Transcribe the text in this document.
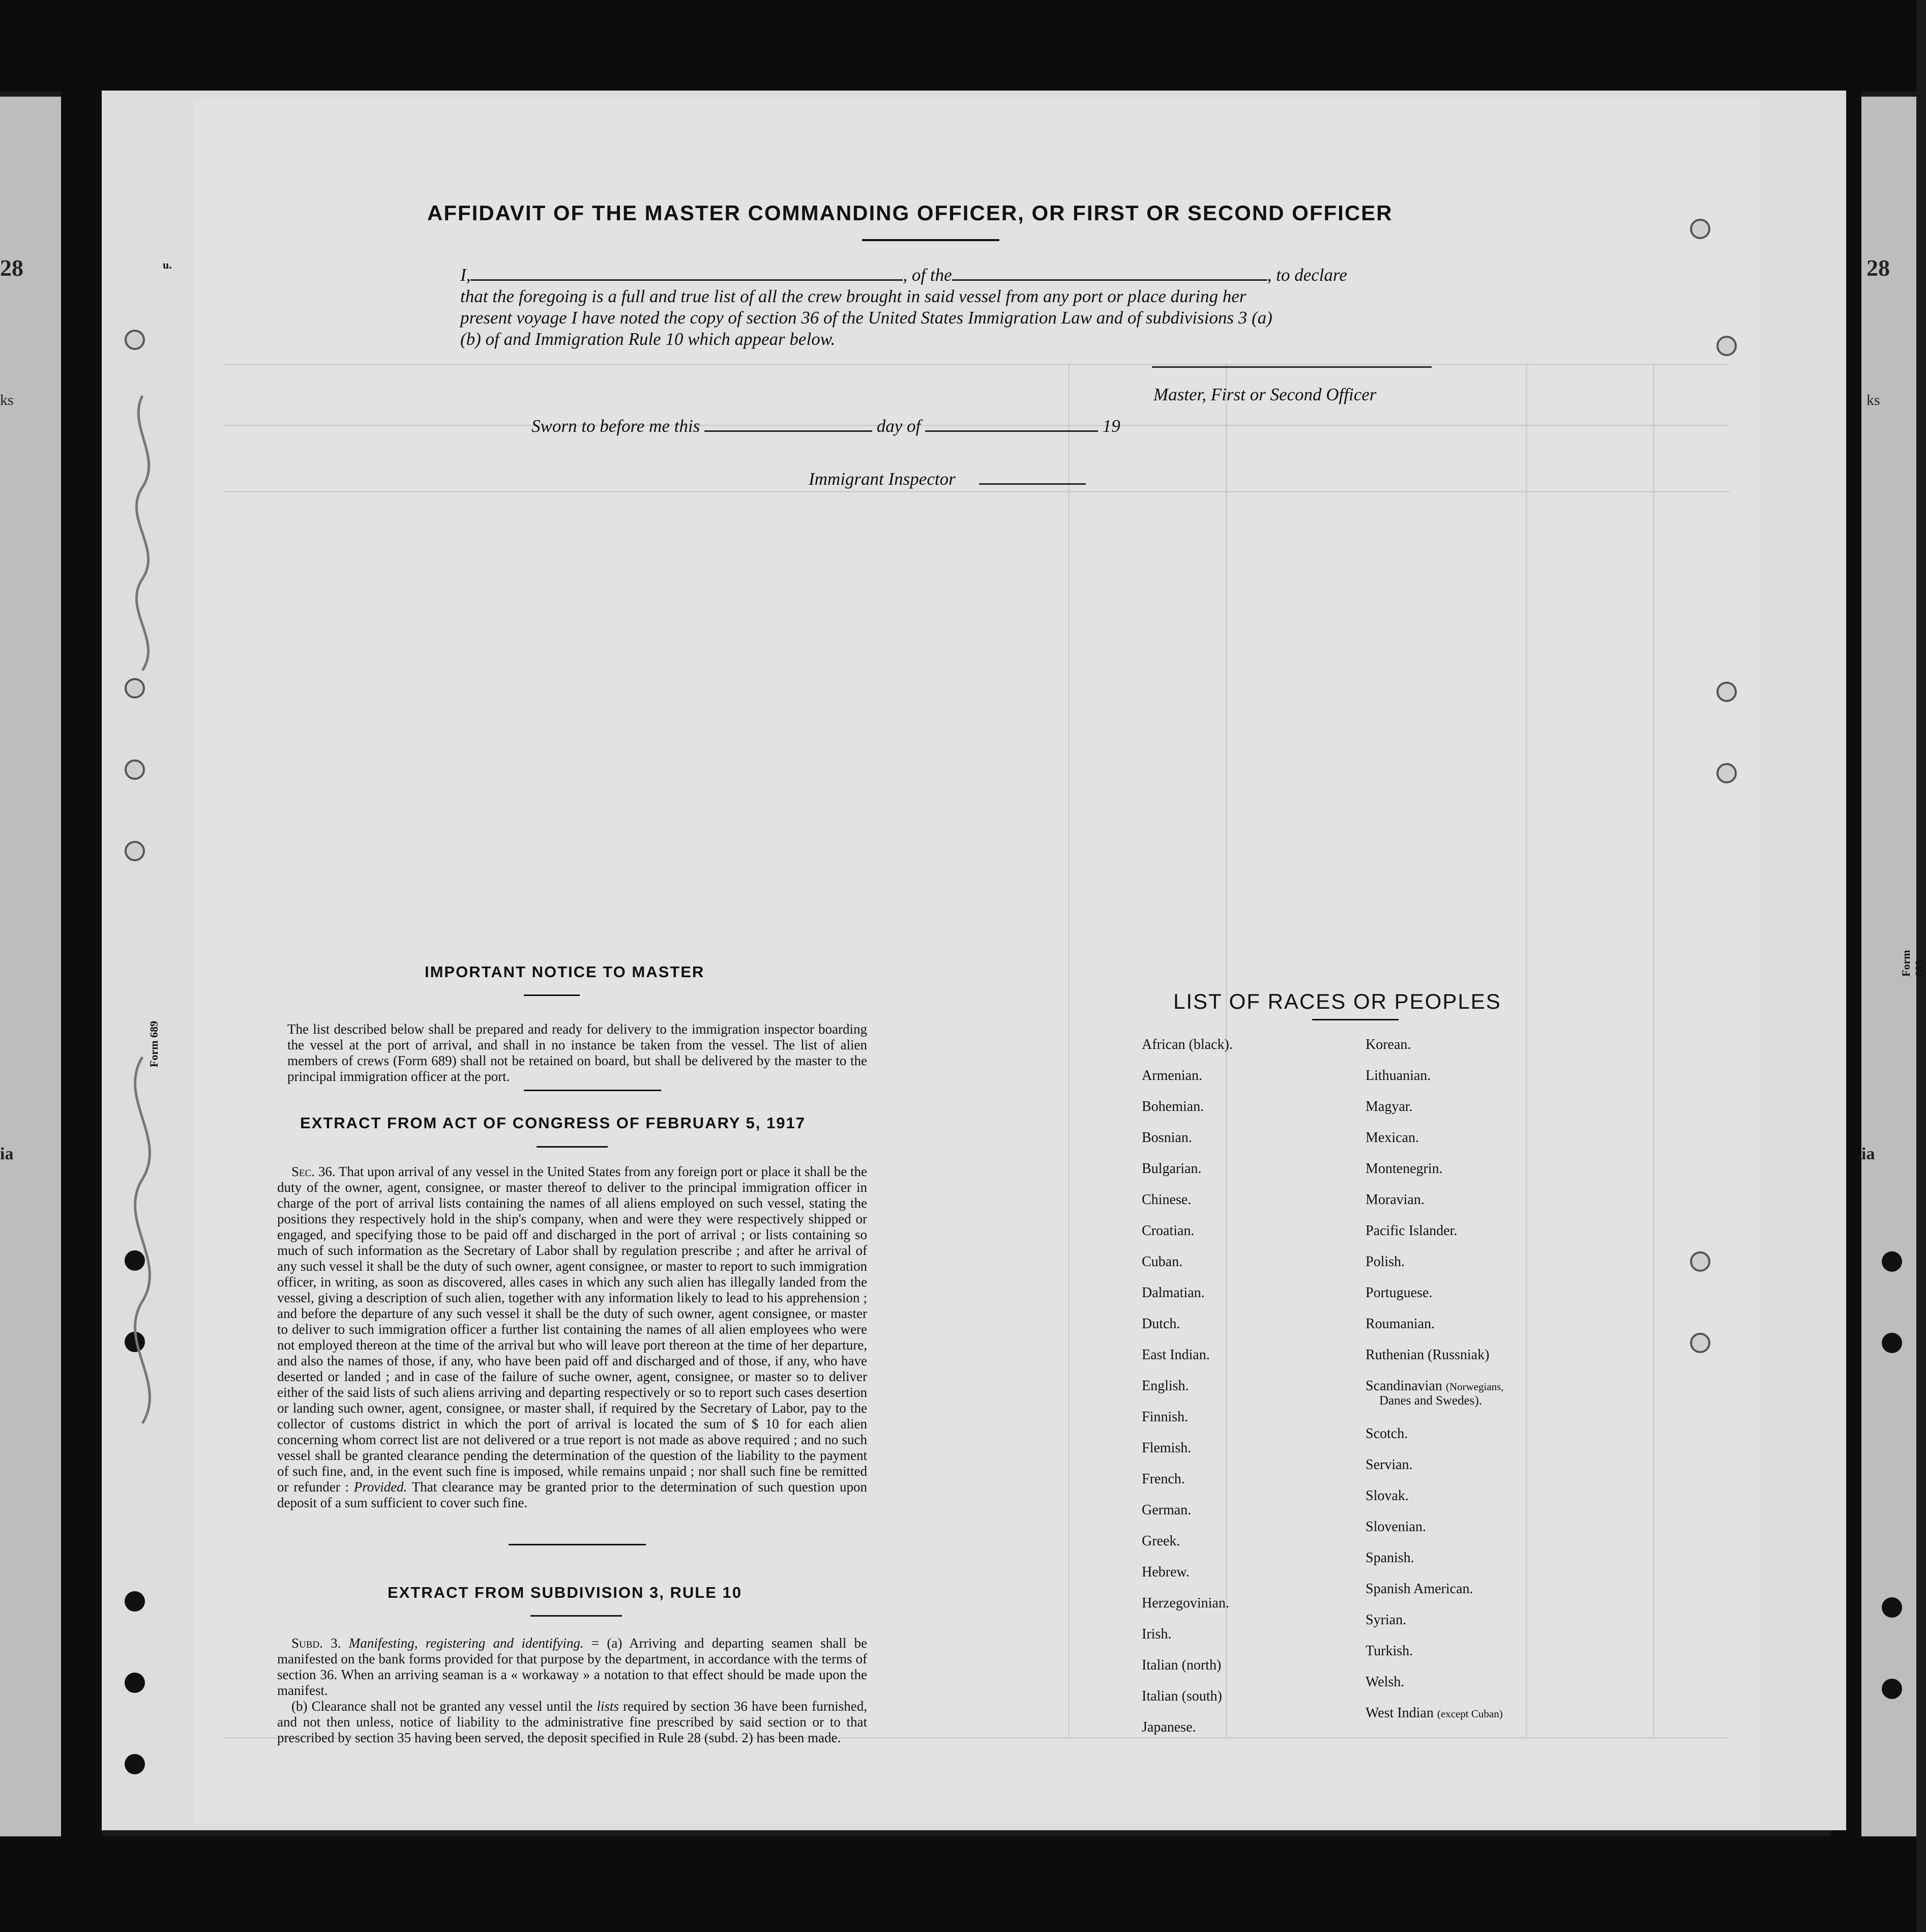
28
ks
ia
28
ks
ia
Form 689
u.
AFFIDAVIT OF THE MASTER COMMANDING OFFICER, OR FIRST OR SECOND OFFICER

I,	, of the	, to declare

that the foregoing is a full and true list of all the crew brought in said vessel from any port or place during her

present voyage I have noted the copy of section 36 of the United States Immigration Law and of subdivisions 3 (a)

(b) of and Immigration Rule 10 which appear below.

Master, First or Second Officer
Sworn to before me this	day of	19
Immigrant Inspector
IMPORTANT NOTICE TO MASTER

The list described below shall be prepared and ready for delivery to the immigration inspector boarding the vessel at the port of arrival, and shall in no instance be taken from the vessel. The list of alien members of crews (Form 689) shall not be retained on board, but shall be delivered by the master to the principal immigration officer at the port.

EXTRACT FROM ACT OF CONGRESS OF FEBRUARY 5, 1917

Sec. 36. That upon arrival of any vessel in the United States from any foreign port or place it shall be the duty of the owner, agent, consignee, or master thereof to deliver to the principal immigration officer in charge of the port of arrival lists containing the names of all aliens employed on such vessel, stating the positions they respectively hold in the ship's company, when and were they were respectively shipped or engaged, and specifying those to be paid off and discharged in the port of arrival ; or lists containing so much of such information as the Secretary of Labor shall by regulation prescribe ; and after he arrival of any such vessel it shall be the duty of such owner, agent consignee, or master to report to such immigration officer, in writing, as soon as discovered, alles cases in which any such alien has illegally landed from the vessel, giving a description of such alien, together with any information likely to lead to his apprehension ; and before the departure of any such vessel it shall be the duty of such owner, agent consignee, or master to deliver to such immigration officer a further list containing the names of all alien employees who were not employed thereon at the time of the arrival but who will leave port thereon at the time of her departure, and also the names of those, if any, who have been paid off and discharged and of those, if any, who have deserted or landed ; and in case of the failure of suche owner, agent, consignee, or master so to deliver either of the said lists of such aliens arriving and departing respectively or so to report such cases desertion or landing such owner, agent, consignee, or master shall, if required by the Secretary of Labor, pay to the collector of customs district in which the port of arrival is located the sum of $ 10 for each alien concerning whom correct list are not delivered or a true report is not made as above required ; and no such vessel shall be granted clearance pending the determination of the question of the liability to the payment of such fine, and, in the event such fine is imposed, while remains unpaid ; nor shall such fine be remitted or refunder : Provided. That clearance may be granted prior to the determination of such question upon deposit of a sum sufficient to cover such fine.

EXTRACT FROM SUBDIVISION 3, RULE 10

Subd. 3. Manifesting, registering and identifying. = (a) Arriving and departing seamen shall be manifested on the bank forms provided for that purpose by the department, in accordance with the terms of section 36. When an arriving seaman is a « workaway » a notation to that effect should be made upon the manifest.

(b) Clearance shall not be granted any vessel until the lists required by section 36 have been furnished, and not then unless, notice of liability to the administrative fine prescribed by said section or to that prescribed by section 35 having been served, the deposit specified in Rule 28 (subd. 2) has been made.

LIST OF RACES OR PEOPLES
African (black).
Armenian.
Bohemian.
Bosnian.
Bulgarian.
Chinese.
Croatian.
Cuban.
Dalmatian.
Dutch.
East Indian.
English.
Finnish.
Flemish.
French.
German.
Greek.
Hebrew.
Herzegovinian.
Irish.
Italian (north)
Italian (south)
Japanese.
Korean.
Lithuanian.
Magyar.
Mexican.
Montenegrin.
Moravian.
Pacific Islander.
Polish.
Portuguese.
Roumanian.
Ruthenian (Russniak)
Scandinavian (Norwegians,
Danes and Swedes).
Scotch.
Servian.
Slovak.
Slovenian.
Spanish.
Spanish American.
Syrian.
Turkish.
Welsh.
West Indian (except Cuban)
Form 689
